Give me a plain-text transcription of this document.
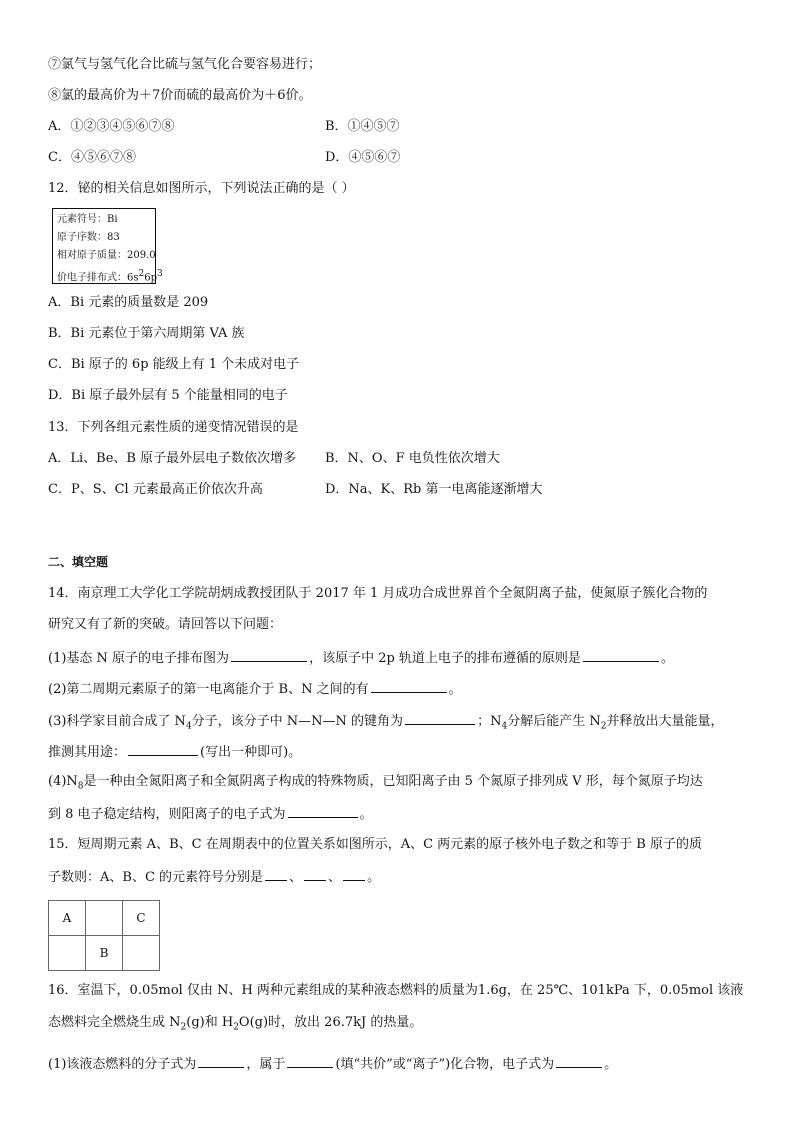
⑦氯气与氢气化合比硫与氢气化合要容易进行；
⑧氯的最高价为＋7价而硫的最高价为＋6价。
A．①②③④⑤⑥⑦⑧	B．①④⑤⑦
C．④⑤⑥⑦⑧	D．④⑤⑥⑦
12．铋的相关信息如图所示，下列说法正确的是（ ）
元素符号：Bi
原子序数：83
相对原子质量：209.0
价电子排布式：$6s^26p^3$
A．Bi 元素的质量数是 209
B．Bi 元素位于第六周期第 VA 族
C．Bi 原子的 6p 能级上有 1 个未成对电子
D．Bi 原子最外层有 5 个能量相同的电子
13．下列各组元素性质的递变情况错误的是
A．Li、Be、B 原子最外层电子数依次增多 B．N、O、F 电负性依次增大
C．P、S、Cl 元素最高正价依次升高	D．Na、K、Rb 第一电离能逐渐增大
二、填空题
14．南京理工大学化工学院胡炳成教授团队于 2017 年 1 月成功合成世界首个全氮阴离子盐，使氮原子簇化合物的
研究又有了新的突破。请回答以下问题：
(1)基态 N 原子的电子排布图为	，该原子中 2p 轨道上电子的排布遵循的原则是	。
(2)第二周期元素原子的第一电离能介于 B、N 之间的有	。
(3)科学家目前合成了 $N_4$分子，该分子中 N—N—N 的键角为	；$N_4$分解后能产生 $N_2$并释放出大量能量，
推测其用途：	(写出一种即可)。
$(4)N_8$是一种由全氮阳离子和全氮阴离子构成的特殊物质，已知阳离子由 5 个氮原子排列成 V 形，每个氮原子均达
到 8 电子稳定结构，则阳离子的电子式为	。
15．短周期元素 A、B、C 在周期表中的位置关系如图所示，A、C 两元素的原子核外电子数之和等于 B 原子的质
子数则：A、B、C 的元素符号分别是 、 、 。
A		C
	B	
16．室温下，0.05mol 仅由 N、H 两种元素组成的某种液态燃料的质量为1.6g，在 25℃、101kPa 下，0.05mol 该液
态燃料完全燃烧生成 $N_2(g)$和 $H_2O(g)$时，放出 26.7kJ 的热量。
(1)该液态燃料的分子式为	，属于	(填“共价”或“离子”)化合物，电子式为	。
